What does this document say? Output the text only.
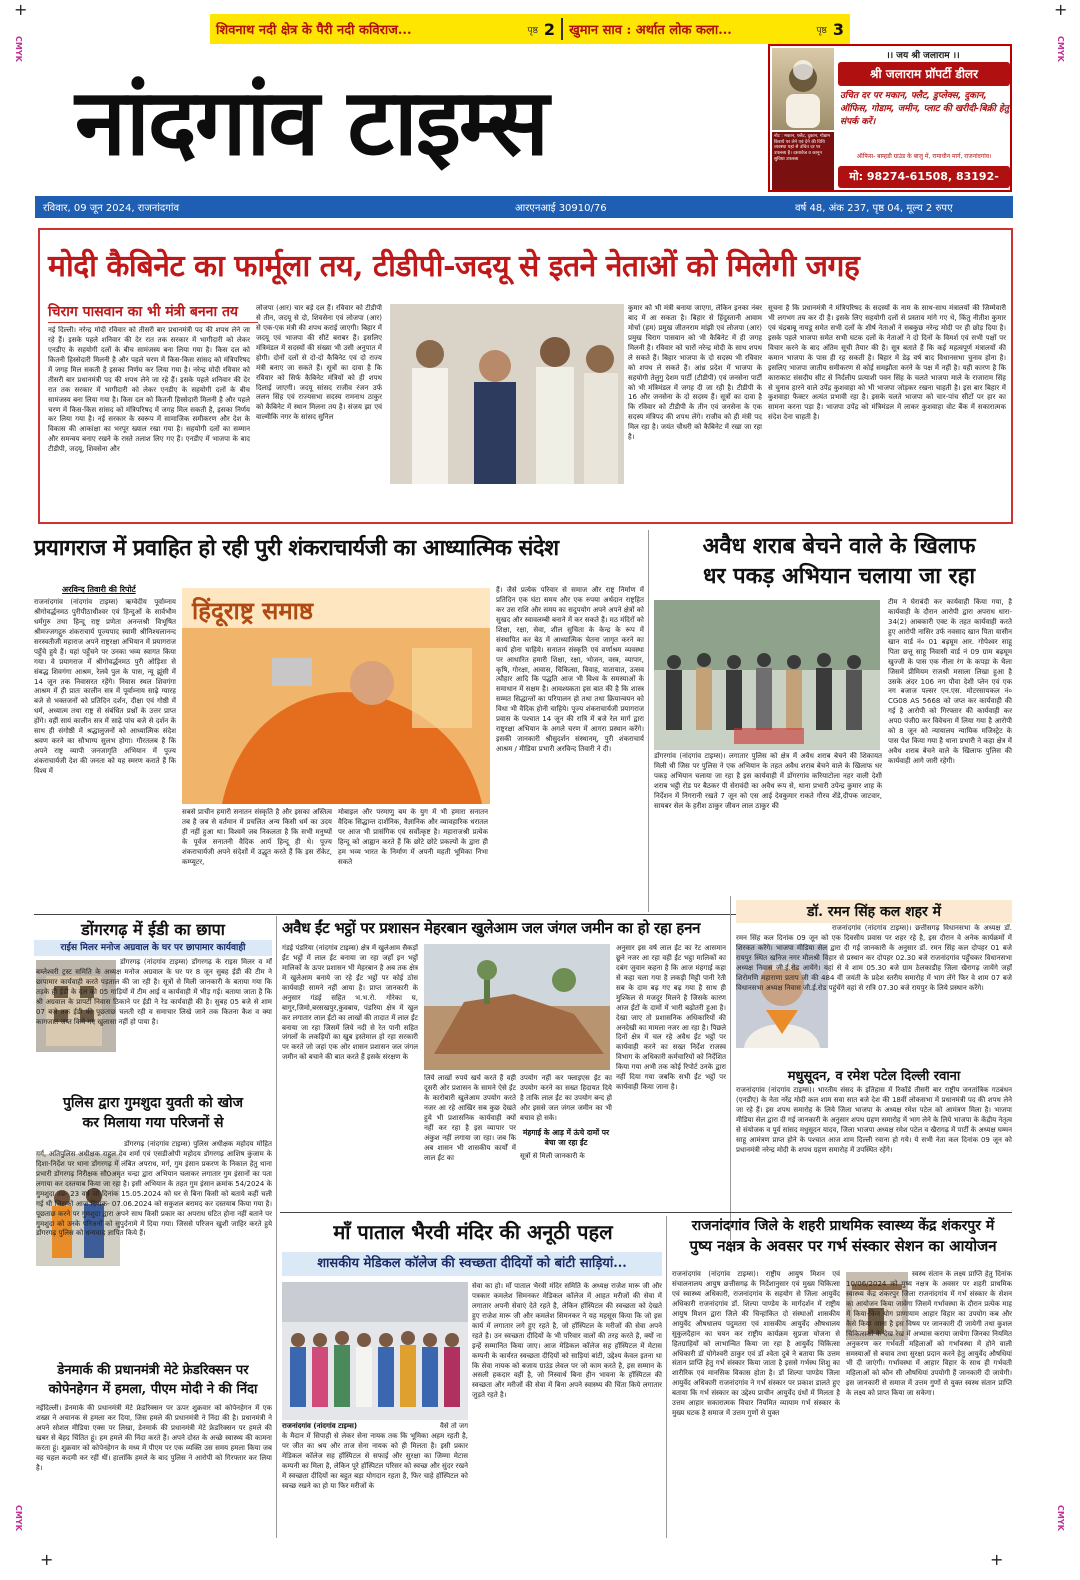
+	+
+	+
CMYK	CMYK
CMYK	CMYK
शिवनाथ नदी क्षेत्र के पैरी नदी कविराज...	पृष्ठ 2 खुमान साव : अर्थात लोक कला...	पृष्ठ 3
नांदगांव टाइम्स	नोट : मकान, फ्लैट, दुकान, गोडाम किराये पर लेने एवं देने की विधि व्यवस्था यहां से उचित दर पर उपलब्ध है। दस्तावेज व कानून सुविधा उपलब्ध
।। जय श्री जलाराम ।।
श्री जलाराम प्रॉपर्टी डीलर
उचित दर पर मकान, फ्लैट, डुप्लेक्स, दुकान, ऑफिस, गोडाम, जमीन, प्लाट की खरीदी-बिक्री हेतु संपर्क करें।
ऑफिस- बाम्हडी ग्राउंड के बाजु में, रामाधीन मार्ग, राजनांदगांव।
मो: 98274-61508, 83192-
रविवार, 09 जून 2024, राजनांदगांव	आरएनआई 30910/76	वर्ष 48, अंक 237, पृष्ठ 04, मूल्य 2 रुपए
मोदी कैबिनेट का फार्मूला तय, टीडीपी-जदयू से इतने नेताओं को मिलेगी जगह
चिराग पासवान का भी मंत्री बनना तय
नई दिल्ली। नरेन्द्र मोदी रविवार को तीसरी बार प्रधानमंत्री पद की शपथ लेने जा रहे हैं। इसके पहले शनिवार की देर रात तक सरकार में भागीदारी को लेकर एनडीए के सहयोगी दलों के बीच सामंजस्य बना लिया गया है। किस दल को कितनी हिस्सेदारी मिलनी है और पहले चरण में किस-किस सांसद को मंत्रिपरिषद में जगह मिल सकती है इसका निर्णय कर लिया गया है। नरेन्द्र मोदी रविवार को तीसरी बार प्रधानमंत्री पद की शपथ लेने जा रहे हैं। इसके पहले शनिवार की देर रात तक सरकार में भागीदारी को लेकर एनडीए के सहयोगी दलों के बीच सामंजस्य बना लिया गया है। किस दल को कितनी हिस्सेदारी मिलनी है और पहले चरण में किस-किस सांसद को मंत्रिपरिषद में जगह मिल सकती है, इसका निर्णय कर लिया गया है। नई सरकार के स्वरूप में सामाजिक समीकरण और देश के विकास की आकांक्षा का भरपूर ख्याल रखा गया है। सहयोगी दलों का सम्मान और समन्वय बनाए रखने के रास्ते तलाश लिए गए हैं। एनडीए में भाजपा के बाद टीडीपी, जदयू, शिवसेना और
लोजपा (आर) चार बड़े दल हैं। रविवार को टीडीपी से तीन, जदयू से दो, शिवसेना एवं लोजपा (आर) से एक-एक मंत्री की शपथ कराई जाएगी। बिहार में जदयू एवं भाजपा की सीटें बराबर हैं। इसलिए मंत्रिमंडल में सदस्यों की संख्या भी उसी अनुपात में होगी। दोनों दलों से दो-दो कैबिनेट एवं दो राज्य मंत्री बनाए जा सकते हैं। सूत्रों का दावा है कि रविवार को सिर्फ कैबिनेट मंत्रियों को ही शपथ दिलाई जाएगी। जदयू सांसद राजीव रंजन उर्फ ललन सिंह एवं राज्यसभा सदस्य रामनाथ ठाकुर को कैबिनेट में स्थान मिलना तय है। संजय झा एवं वाल्मीकि नगर के सांसद सुनिल
कुमार को भी मंत्री बनाया जाएगा, लेकिन इनका नंबर बाद में आ सकता है। बिहार से हिंदुस्तानी आवाम मोर्चा (हम) प्रमुख जीतनराम मांझी एवं लोजपा (आर) प्रमुख चिराग पासवान को भी कैबिनेट में ही जगह मिलनी है। रविवार को चारों नरेन्द्र मोदी के साथ शपथ ले सकते हैं। बिहार भाजपा के दो सदस्य भी रविवार को शपथ ले सकते हैं। आंध्र प्रदेश में भाजपा के सहयोगी तेलुगु देशम पार्टी (टीडीपी) एवं जनसेना पार्टी को भी मंत्रिमंडल में जगह दी जा रही है। टीडीपी के 16 और जनसेना के दो सदस्य हैं। सूत्रों का दावा है कि रविवार को टीडीपी के तीन एवं जनसेना के एक सदस्य मंत्रिपद की शपथ लेंगे। राजीव को ही मंत्री पद मिल रहा है। जयंत चौधरी को कैबिनेट में रखा जा रहा है।
सूचना है कि प्रधानमंत्री ने मंत्रिपरिषद के सदस्यों के नाम के साथ-साथ मंत्रालयों की जिम्मेवारी भी लगभग तय कर दी है। इसके लिए सहयोगी दलों से प्रस्ताव मांगे गए थे, किंतु नीतीश कुमार एवं चंद्रबाबू नायडू समेत सभी दलों के शीर्ष नेताओं ने सबकुछ नरेन्द्र मोदी पर ही छोड़ दिया है। इसके पहले भाजपा समेत सभी घटक दलों के नेताओं ने दो दिनों के विमर्श एवं सभी पक्षों पर विचार करने के बाद अंतिम सूची तैयार की है। सूत्र बताते हैं कि कई महत्वपूर्ण मंत्रालयों की कमान भाजपा के पास ही रह सकती है। बिहार में डेढ़ वर्ष बाद विधानसभा चुनाव होना है। इसलिए भाजपा जातीय समीकरण से कोई समझौता करने के पक्ष में नहीं है। यही कारण है कि काराकाट संसदीय सीट से निर्दलीय प्रत्याशी पवन सिंह के चलते भाजपा माले के राजाराम सिंह से चुनाव हारने वाले उपेंद्र कुशवाहा को भी भाजपा जोड़कर रखना चाहती है। इस बार बिहार में कुशवाहा फैक्टर अत्यंत प्रभावी रहा है। इसके चलते भाजपा को चार-पांच सीटों पर हार का सामना करना पड़ा है। भाजपा उपेंद्र को मंत्रिमंडल में लाकर कुशवाहा वोट बैंक में सकारात्मक संदेश देना चाहती है।
प्रयागराज में प्रवाहित हो रही पुरी शंकराचार्यजी का आध्यात्मिक संदेश
अरविन्द तिवारी की रिपोर्ट
राजनांदगांव (नांदगांव टाइम्स) ऋग्वेदीय पूर्वाम्नाय श्रीगोवर्द्धनमठ पुरीपीठाधीश्वर एवं हिन्दुओं के सार्वभौम धर्मगुरु तथा हिन्दू राष्ट्र प्रणेता अनन्तश्री विभूषित श्रीमज्जगद्गुरु शंकराचार्य पूज्यपाद स्वामी श्रीनिश्चलानन्द सरस्वतीजी महाराज अपने राष्ट्ररक्षा अभियान में प्रयागराज पहुँचे हुये हैं। यहां पहुँचने पर उनका भव्य स्वागत किया गया। वे प्रयागराज में श्रीगोवर्द्धनमठ पुरी ओड़िशा से संबद्ध शिवगंगा आश्रम, रेलवे पुल के पास, न्यू झूंसी में 14 जून तक निवासरत रहेंगे। निवास स्थल शिवगंगा आश्रम में ही प्रातः कालीन सत्र में पूर्वाम्नाय साढ़े ग्यारह बजे से भक्तजनों को प्रतिदिन दर्शन, दीक्षा एवं गोष्ठी में धर्म, अध्यात्म तथा राष्ट्र से संबंधित प्रश्नों के उत्तर प्राप्त होंगे। वहीं सायं कालीन सत्र में साढ़े पांच बजे से दर्शन के साथ ही संगोष्ठी में श्रद्धालुजनों को आध्यात्मिक संदेश श्रवण करने का सौभाग्य सुलभ होगा। गौरतलब है कि अपने राष्ट्र व्यापी जनजागृति अभियान में पूज्य शंकराचार्यजी देश की जनता को यह स्मरण कराते हैं कि विश्व में
हिंदूराष्ट्र समाष्ठ
सबसे प्राचीन हमारी सनातन संस्कृति है और इसका अस्तित्व तब है जब से वर्तमान में प्रचलित अन्य किसी धर्म का उदय ही नहीं हुआ था। विश्वमें जब निकलता है कि सभी मनुष्यों के पूर्वज सनातनी वैदिक आर्य हिन्दू ही थे। पूज्य शंकराचार्यजी अपने संदेशों में उद्धृत करते हैं कि इस रॉकेट, कम्प्यूटर,
मोबाइल और परमाणु बम के युग में भी हमारा सनातन वैदिक सिद्धान्त दार्शनिक, वैज्ञानिक और व्यावहारिक धरातल पर आज भी प्रासंगिक एवं सर्वोत्कृष्ट है। महाराजश्री प्रत्येक हिन्दू को आह्वान करते हैं कि छोटे छोटे प्रकल्पों के द्वारा ही हम भव्य भारत के निर्माण में अपनी महती भूमिका निभा सकते
हैं। जैसे प्रत्येक परिवार से समाज और राष्ट्र निर्माण में प्रतिदिन एक घंटा समय और एक रुपया अर्थदान राष्ट्रहित कर उस राशि और समय का सदुपयोग अपने अपने क्षेत्रों को सुखद और स्वावलम्बी बनाने में कर सकते हैं। मठ मंदिरों को शिक्षा, रक्षा, सेवा, शील सुचिता के केन्द्र के रूप में संस्थापित कर बेठ में आध्यात्मिक चेतना जागृत करने का कार्य होना चाहिये। सनातन संस्कृति एवं वर्णाश्रम व्यवस्था पर आधारित हमारी शिक्षा, रक्षा, भोजन, वस्त्र, व्यापार, कृषि, गोरक्षा, आवास, चिकित्सा, विवाह, यातायात, उत्सव त्यौहार आदि कि पद्धति आज भी विश्व के समस्याओं के समाधान में सक्षम है। आवश्यकता इस बात की है कि शास्त्र सम्मत सिद्धान्तों का परिपालन हो तथा तथा क्रियान्वयन को विधा भी वैदिक होनी चाहिये। पूज्य शंकराचार्यजी प्रयागराज प्रवास के पश्चात 14 जून की रात्रि में बजे रेल मार्ग द्वारा राष्ट्ररक्षा अभियान के अगले चरण में आगरा प्रस्थान करेंगे। इसकी जानकारी श्रीसुदर्शन संस्थानम्, पुरी शंकराचार्य आश्रम / मीडिया प्रभारी अरविन्द तिवारी ने दी।
अवैध शराब बेचने वाले के खिलाफ
धर पकड़ अभियान चलाया जा रहा
डोंगरगांव (नांदगांव टाइम्स)। लगातार पुलिस को क्षेत्र में अवैध शराब बेचने की शिकायत मिली थी जिस पर पुलिस ने एक अभियान के तहत अवैध शराब बेचने वाले के खिलाफ धर पकड़ अभियान चलाया जा रहा है इस कार्यवाही में डोंगरगांव करियाटोला नहर वाली देशी शराब भट्ठी रोड पर बैठकर पी सेरावंदी का अवैध रूप से, थाना प्रभारी उपेन्द्र कुमार शाह के निर्देशन में निगरानी रखते 7 जून को एस आई देवकुमार राकते गौरव शेंडे,दीपक जाटवार, सायबर सेल के हरीश ठाकुर जीवन लाल ठाकुर की
टीम ने घेराबंदी कर कार्यवाही किया गया, है कार्यवाही के दौरान आरोपी द्वारा अपराध धारा- 34(2) आबकारी एक्ट के तहत कार्यवाही करते हुए आरोपी नासिर उर्फ नवसाद खान पिता यासीन खान वार्ड नं० 01 बढ़घूम आर. गोपेश्वर साहू पिता छत्तू साहू निवासी वार्ड नं 09 ग्राम बढ़घूम खुज्जी के पास एक नीला रंग के कपड़ा के थैला जिसमें प्रीमियम राजश्री मसाला लिखा हुआ है उसके अंदर 106 नग पौवा देशी प्लेन एवं एक नग बजाज पल्सर एन.एस. मोटरसायकल नं० CG08 AS 5668 को जप्त कर कार्यवाही की गई है आरोपी को गिरफ्तार की कार्यवाही कर अप0 पंजी0 कर विवेचना में लिया गया है आरोपी को 8 जून को न्यायालय न्यायिक मजिस्ट्रेट के पास पेश किया गया है थाना प्रभारी ने कहा क्षेत्र में अवैध शराब बेचने वाले के खिलाफ पुलिस की कार्यवाही आगे जारी रहेगी।
डोंगरगढ़ में ईडी का छापा
राईस मिलर मनोज अग्रवाल के घर पर छापामार कार्यवाही
डोंगरगढ़ (नांदगांव टाइम्स) डोंगरगढ़ के राइस मिलर व मॉं बम्लेश्वरी ट्रस्ट समिति के अध्यक्ष मनोज अग्रवाल के घर पर 8 जून सुबह ईडी की टीम ने छापामार कार्यवाही करते पड़ताल की जा रही है। सूत्रों से मिली जानकारी के बताया गया कि तड़के ही ईडी के दल को 05 गाड़ियों में टीम आई व कार्यवाही में भीड़ गई। बताया जाता है कि श्री अग्रवाल के प्रापर्टी निवास ठिकाने पर ईडी ने रेड कार्यवाही की है। सुबह 05 बजे से शाम 07 बजे तक ईडी की पूछताछ चलती रही व समाचार लिखे जाने तक कितना कैश व क्या कागजात जप्त किये गए खुलासा नहीं हो पाया है।
पुलिस द्वारा गुमशुदा युवती को खोज
कर मिलाया गया परिजनों से
डोंगरगढ़ (नांदगांव टाइम्स) पुलिस अधीक्षक महोदय मोहित गर्ग, अतिपुलिस अधीक्षक राहुल देव शर्मा एवं एसडीओपी महोदय डोंगरगढ़ आशिष कुंजाम के दिशा-निर्देश पर थाना डोंगरगढ़ में लंबित अपराध, मर्ग, गुम इंसान प्रकरण के निकाल हेतु थाना प्रभारी डोंगरगढ़ निरीक्षक सौ0अमृत चन्द्रा द्वारा अभियान चलाकर लगातार गुम इंसानों का पता लगाया कर दस्तयाब किया जा रहा है। इसी अभियान के तहत गुम इंसान क्रमांक 54/2024 के गुमशुदा उम्र- 23 वर्ष जो दिनांक 15.05.2024 को घर से बिना किसी को बताये कहीं चली गई थी जिसको आज दिनांक- 07.06.2024 को सकुशल बरामद कर दस्तयाब किया गया है। पूछताछ करने पर गुमशुदा द्वारा अपने साथ किसी प्रकार का अपराध घटित होना नहीं बताने पर गुमशुदा को उनके परिजनों को सुपुर्दनामे में दिया गया। जिससे परिजन खुशी जाहिर करते हुये डोंगरगढ़ पुलिस को धन्यवाद ज्ञापित किये हैं।
डेनमार्क की प्रधानमंत्री मेटे फ्रेडरिक्सन पर
कोपेनहेगन में हमला, पीएम मोदी ने की निंदा
नईदिल्ली। डेनमार्क की प्रधानमंत्री मेटे फ्रेडरिक्सन पर ऊपर शुक्रवार को कोपेनहेगन में एक शख्स ने अचानक से हमला कर दिया, जिस हमले की प्रधानमंत्री ने निंदा की है। प्रधानमंत्री ने अपने सोशल मीडिया एक्स पर लिखा, डेनमार्क की प्रधानमंत्री मेटे फ्रेडरिक्सन पर हमले की खबर से बेहद चिंतित हूं। हम हमले की निंदा करते हैं। अपने दोस्त के अच्छे स्वास्थ्य की कामना करता हूं। शुक्रवार को कोपेनहेगन के मध्य में पीएम पर एक व्यक्ति उस समय हमला किया जब वह चहल कदमी कर रहीं थीं। हालांकि हमले के बाद पुलिस ने आरोपी को गिरफ्तार कर लिया है।
अवैध ईंट भट्ठों पर प्रशासन मेहरबान खुलेआम जल जंगल जमीन का हो रहा हनन
गंडई पंडरिया (नांदगांव टाइम्स) क्षेत्र में खुलेआम सैकड़ों ईंट भट्ठों में लाल ईंट बनाया जा रहा जहाँ इन भट्ठों मालिकों के ऊपर प्रशासन भी मेहरबान है अब तक क्षेत्र में खुलेआम बनाये जा रहे ईंट भट्ठों पर कोई ठोस कार्यवाही सामने नहीं आया है। प्राप्त जानकारी के अनुसार गंडई सहित भ.भ.रो. गोरेका घ, बागुर,जिमो,बरसखपुर,कुवबाय, पंडरिया क्षेत्र में खुल कर लगातार लाल ईंटो का लाखों की तादात में लाल ईंट बनाया जा रहा जिसमें लिये नदी से रेत पानी सहित जंगलों के लकड़ियों का खुब इस्तेमाल हो रहा सरकारी पर करते जो जहां एक ओर शासन प्रशासन जल जंगल जमीन को बचाने की बात करते हैं इसके संरक्षण के
लिये लाखों रुपये खर्च करते हैं वही दूसरी ओर प्रशासन के सामने ऐसे ईंट के कारोबारी खुलेआम उपयोग करते नजर आ रहे आखिर सब कुछ देखते हुये भी प्रशासनिक कार्यवाही क्यों नहीं कर रहा है इस व्यापार पर अंकुश नहीं लगाया जा रहा। जब कि अब शासन भी शासकीय कार्यों में लाल ईंट का
उपयोग नहीं कर फ्लाइएस ईंट का उपयोग करने का सख्त हिदायत दिये है ताकि लाल ईंट का उपयोग बन्द हो और इससे जल जंगल जमीन का भी बचाव हो सके।
मंहगाई के आड़ में ऊंचे दामों पर बेचा जा रहा ईंट
सूत्रों से मिली जानकारी के
अनुसार इस वर्ष लाल ईंट का रेट आसमान छूने नजर आ रहा वही ईंट भट्ठा मालिकों का दबंग जुवान कहना है कि आज मंहगाई कहा से कहा चला गया है लकड़ी मिट्टी पानी रेती सब के दाम बढ़ गए बढ़ गया है साथ ही मुश्किल से मजदूर मिलने है जिसके कारण आज ईंटों के दामों में भारी बढ़ोतरी हुआ है। देखा जाए तो प्रशासनिक अधिकारियों की अनदेखी का मामला नजर आ रहा है। पिछले दिनों क्षेत्र में चल रहे अवैध ईंट भट्ठों पर कार्यवाही करने का सख्त निर्देश राजस्व विभाग के अधिकारी कर्मचारियों को निर्देशित किया गया अभी तक कोई रिपोर्ट उनके द्वारा नहीं दिया गया जबकि सभी ईंट भट्ठों पर कार्यवाही किया जाना है।
डॉ. रमन सिंह कल शहर में
राजनांदगांव (नांदगांव टाइम्स)। छत्तीसगढ़ विधानसभा के अध्यक्ष डॉ. रमन सिंह कल दिनांक 09 जून को एक दिवसीय प्रवास पर शहर रहे है, इस दौरान वे अनेक कार्यक्रमों में शिरकत करेंगे। भाजपा मीडिया सेल द्वारा दी गई जानकारी के अनुसार डॉ. रमन सिंह कल दोपहर 01 बजे रायपुर स्थित खनिज नगर मौलश्री विहार से प्रस्थान कर दोपहर 02.30 बजे राजनांदगांव पहुँचकर विधानसभा अध्यक्ष निवास जी.ई.रोड आयेंगे। यहां से वे शाम 05.30 बजे ग्राम ठेलकाडीह जिला खैरागढ़ जायेंगे जहाँ शिरोमणि महाराणा प्रताप जी की 484 वीं जयंती के प्रदेश स्तरीय समारोह में भाग लेंगे फिर वे शाम 07 बजे विधानसभा अध्यक्ष निवास जी.ई.रोड पहुंचेंगे वहां से रात्रि 07.30 बजे रायपुर के लिये प्रस्थान करेंगे।
मधुसूदन, व रमेश पटेल दिल्ली रवाना
राजनांदगांव (नांदगांव टाइम्स)। भारतीय संसद के इतिहास में रिकॉर्ड तीसरी बार राष्ट्रीय जनतांत्रिक गठबंधन (एनडीए) के नेता नरेंद्र मोदी कल शाम सवा सात बजे देश की 18वीं लोकसभा में प्रधानमंत्री पद की शपथ लेने जा रहे हैं। इस शपथ समारोह के लिये जिला भाजपा के अध्यक्ष रमेश पटेल को आमंत्रण मिला है। भाजपा मीडिया सेल द्वारा दी गई जानकारी के अनुसार शपथ ग्रहण समारोह में भाग लेने के लिये भाजपा के केंद्रीय नेतृत्व से संयोजक व पूर्व सांसद मधुसूदन यादव, जिला भाजपा अध्यक्ष रमेश पटेल व खैरागढ़ में पार्टी के अध्यक्ष घम्मन साहू आमंत्रण प्राप्त होने के पश्चात आज शाम दिल्ली रवाना हो गये। ये सभी नेता कल दिनांक 09 जून को प्रधानमंत्री नरेन्द्र मोदी के शपथ ग्रहण समारोह में उपस्थित रहेंगे।
माँ पाताल भैरवी मंदिर की अनूठी पहल
शासकीय मेडिकल कॉलेज की स्वच्छता दीदियों को बांटी साड़ियां...
राजनांदगांव (नांदगांव टाइम्स)	वैसे तो जग के मैदान में सिपाही से लेकर सेना नायक तक कि भूमिका अहम रहती है, पर जीत का श्रय और ताज सेना नायक को ही मिलता है। इसी प्रकार मेडिकल कॉलेज सह हॉस्पिटल से सफाई और सुरक्षा का जिम्मा मेटास कम्पनी का मिला है, लेकिन पूरे हॉस्पिटल परिसर को स्वच्छ और सुंदर रखने में स्वच्छता दीदियों का बहुत बड़ा योगदान रहता है, फिर चाहे हॉस्पिटल को स्वच्छ रखने का हो या फिर मरीजों के
सेवा का हो। माँ पाताल भैरवी मंदिर समिति के अध्यक्ष राजेश मारू जी और पत्रकार कमलेश सिमनकर मेडिकल कॉलेज में आहत मरीजों की सेवा में लगातार अपनी सेवाएं देते रहते है, लेकिन हॉस्पिटल की स्वच्छता को देखते हुए राजेश मारू जी और कमलेश सिमनकर ने यह महसूस किया कि जो इस कार्य में लगातार लगे हुए रहते है, जो हॉस्पिटल के मरीजों की सेवा अपने रहते है। उन स्वच्छता दीदियों के भी परिवार वालों की तरह करते है, क्यों ना इन्हें सम्मानित किया जाए। आज मेडिकल कॉलेज सह हॉस्पिटल में मेटास कम्पनी के कार्यरत स्वच्छता दीदियों को साड़ियां बांटी, उद्देश्य केवल इतना था कि सेवा नायक को बजाय ग्राउंड लेवल पर जो काम करते है, इस सम्मान के असली हकदार वहीं है, जो निस्वार्थ बिना हीन भावना के हॉस्पिटल की स्वच्छता और मरीजों की सेवा में बिना अपने स्वास्थ्य की चिंता किये लगातार जुड़ते रहते है।
राजनांदगांव जिले के शहरी प्राथमिक स्वास्थ्य केंद्र शंकरपुर में
पुष्य नक्षत्र के अवसर पर गर्भ संस्कार सेशन का आयोजन
राजनांदगांव (नांदगांव टाइम्स)। राष्ट्रीय आयुष मिशन एवं संचालनालय आयुष छत्तीसगढ़ के निर्देशानुसार एवं मुख्य चिकित्सा एवं स्वास्थ्य अधिकारी, राजनांदगांव के सहयोग से जिला आयुर्वेद अधिकारी राजनांदगांव डॉ. शिल्पा पाण्डेय के मार्गदर्शन में राष्ट्रीय आयुष मिशन द्वारा जिले की चिन्हांकित दो संस्थाओं शासकीय आयुर्वेद औषधालय पदुमतरा एवं शासकीय आयुर्वेद औषधालय सुकुलदैहान का चयन कर राष्ट्रीय कार्यक्रम सुप्रजा योजना से हितग्राहियों को लाभान्वित किया जा रहा है आयुर्वेद चिकित्सा अधिकारी डॉ योगेश्वरी ठाकुर एवं डॉ श्वेता दुबे ने बताया कि उत्तम संतान प्राप्ति हेतु गर्भ संस्कार किया जाता है इससे गर्भस्थ शिशु का शारीरिक एवं मानसिक विकास होता है। डॉ शिल्पा पाण्डेय जिला आयुर्वेद अधिकारी राजनांदगांव ने गर्भ संस्कार पर प्रकाश डालते हुए बताया कि गर्भ संस्कार का उद्देश्य प्राचीन आयुर्वेद ग्रंथों में मिलता है उत्तम आहार सकारात्मक विचार नियमित व्यायाम गर्भ संस्कार के मुख्य घटक है समाज में उत्तम गुणों से युक्त
स्वस्थ संतान के लक्ष्य प्राप्ति हेतु दिनांक 10/06/2024 को पुष्य नक्षत्र के अवसर पर शहरी प्राथमिक स्वास्थ्य केंद्र शंकरपुर जिला राजनांदगांव में गर्भ संस्कार के सेशन का आयोजन किया जावेगा जिसमें गर्भावस्था के दौरान प्रत्येक माह में किया-किन योग प्राणायाम आहार विहार का उपयोग कब और कैसे किया जाना है इस विषय पर जानकारी दी जायेगी तथा कुशल चिकित्सकों के देख रेख में अभ्यास कराया जायेगा जिनका नियमित अनुकरण कर गर्भवती महिलाओं को गर्भावस्था में होने वाली समस्याओं से बचाव तथा सुरक्षा प्रदान करने हेतु आयुर्वेद औषधियां भी दी जाएंगी। गर्भावस्था में आहार विहार के साथ ही गर्भवती महिलाओं को कौन सी औषधियां उपयोगी हैं जानकारी दी जायेगी। इस जानकारी से समाज में उत्तम गुणों से युक्त स्वस्थ संतान प्राप्ति के लक्ष्य को प्राप्त किया जा सकेगा।
